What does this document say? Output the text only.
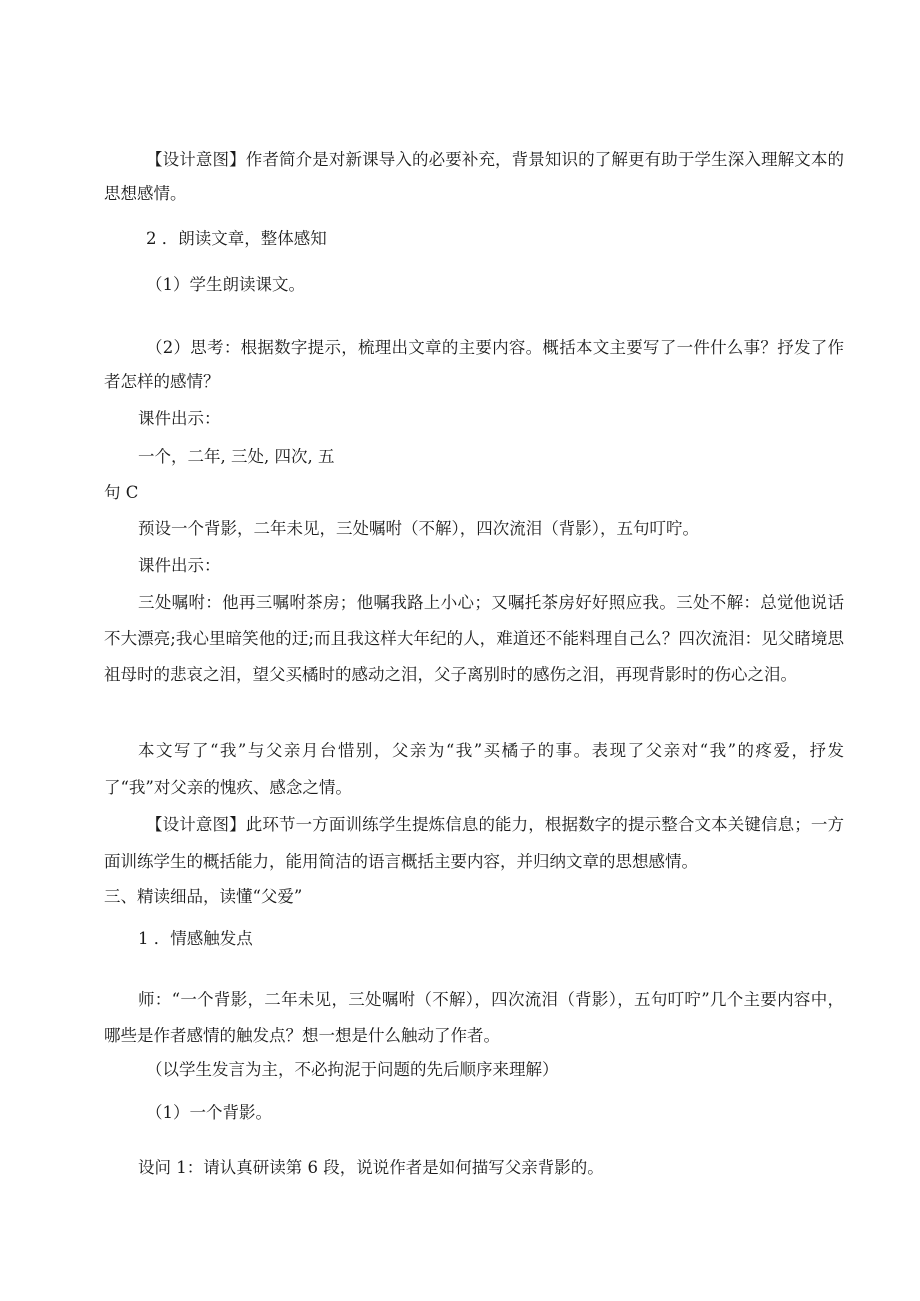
【设计意图】作者简介是对新课导入的必要补充，背景知识的了解更有助于学生深入理解文本的思想感情。

2 ．朗读文章，整体感知

（1）学生朗读课文。

（2）思考：根据数字提示，梳理出文章的主要内容。概括本文主要写了一件什么事？抒发了作者怎样的感情？

课件出示：

一个，二年, 三处, 四次, 五

句 C

预设一个背影，二年未见，三处嘱咐（不解），四次流泪（背影），五句叮咛。

课件出示：

三处嘱咐：他再三嘱咐茶房；他嘱我路上小心；又嘱托茶房好好照应我。三处不解：总觉他说话不大漂亮;我心里暗笑他的迂;而且我这样大年纪的人，难道还不能料理自己么？四次流泪：见父睹境思祖母时的悲哀之泪，望父买橘时的感动之泪，父子离别时的感伤之泪，再现背影时的伤心之泪。

本文写了“我”与父亲月台惜别，父亲为“我”买橘子的事。表现了父亲对“我”的疼爱，抒发了“我”对父亲的愧疚、感念之情。

【设计意图】此环节一方面训练学生提炼信息的能力，根据数字的提示整合文本关键信息；一方面训练学生的概括能力，能用简洁的语言概括主要内容，并归纳文章的思想感情。

三、精读细品，读懂“父爱”

1 ．情感触发点

师：“一个背影，二年未见，三处嘱咐（不解），四次流泪（背影），五句叮咛”几个主要内容中，哪些是作者感情的触发点？想一想是什么触动了作者。

（以学生发言为主，不必拘泥于问题的先后顺序来理解）

（1）一个背影。

设问 1：请认真研读第 6 段，说说作者是如何描写父亲背影的。
